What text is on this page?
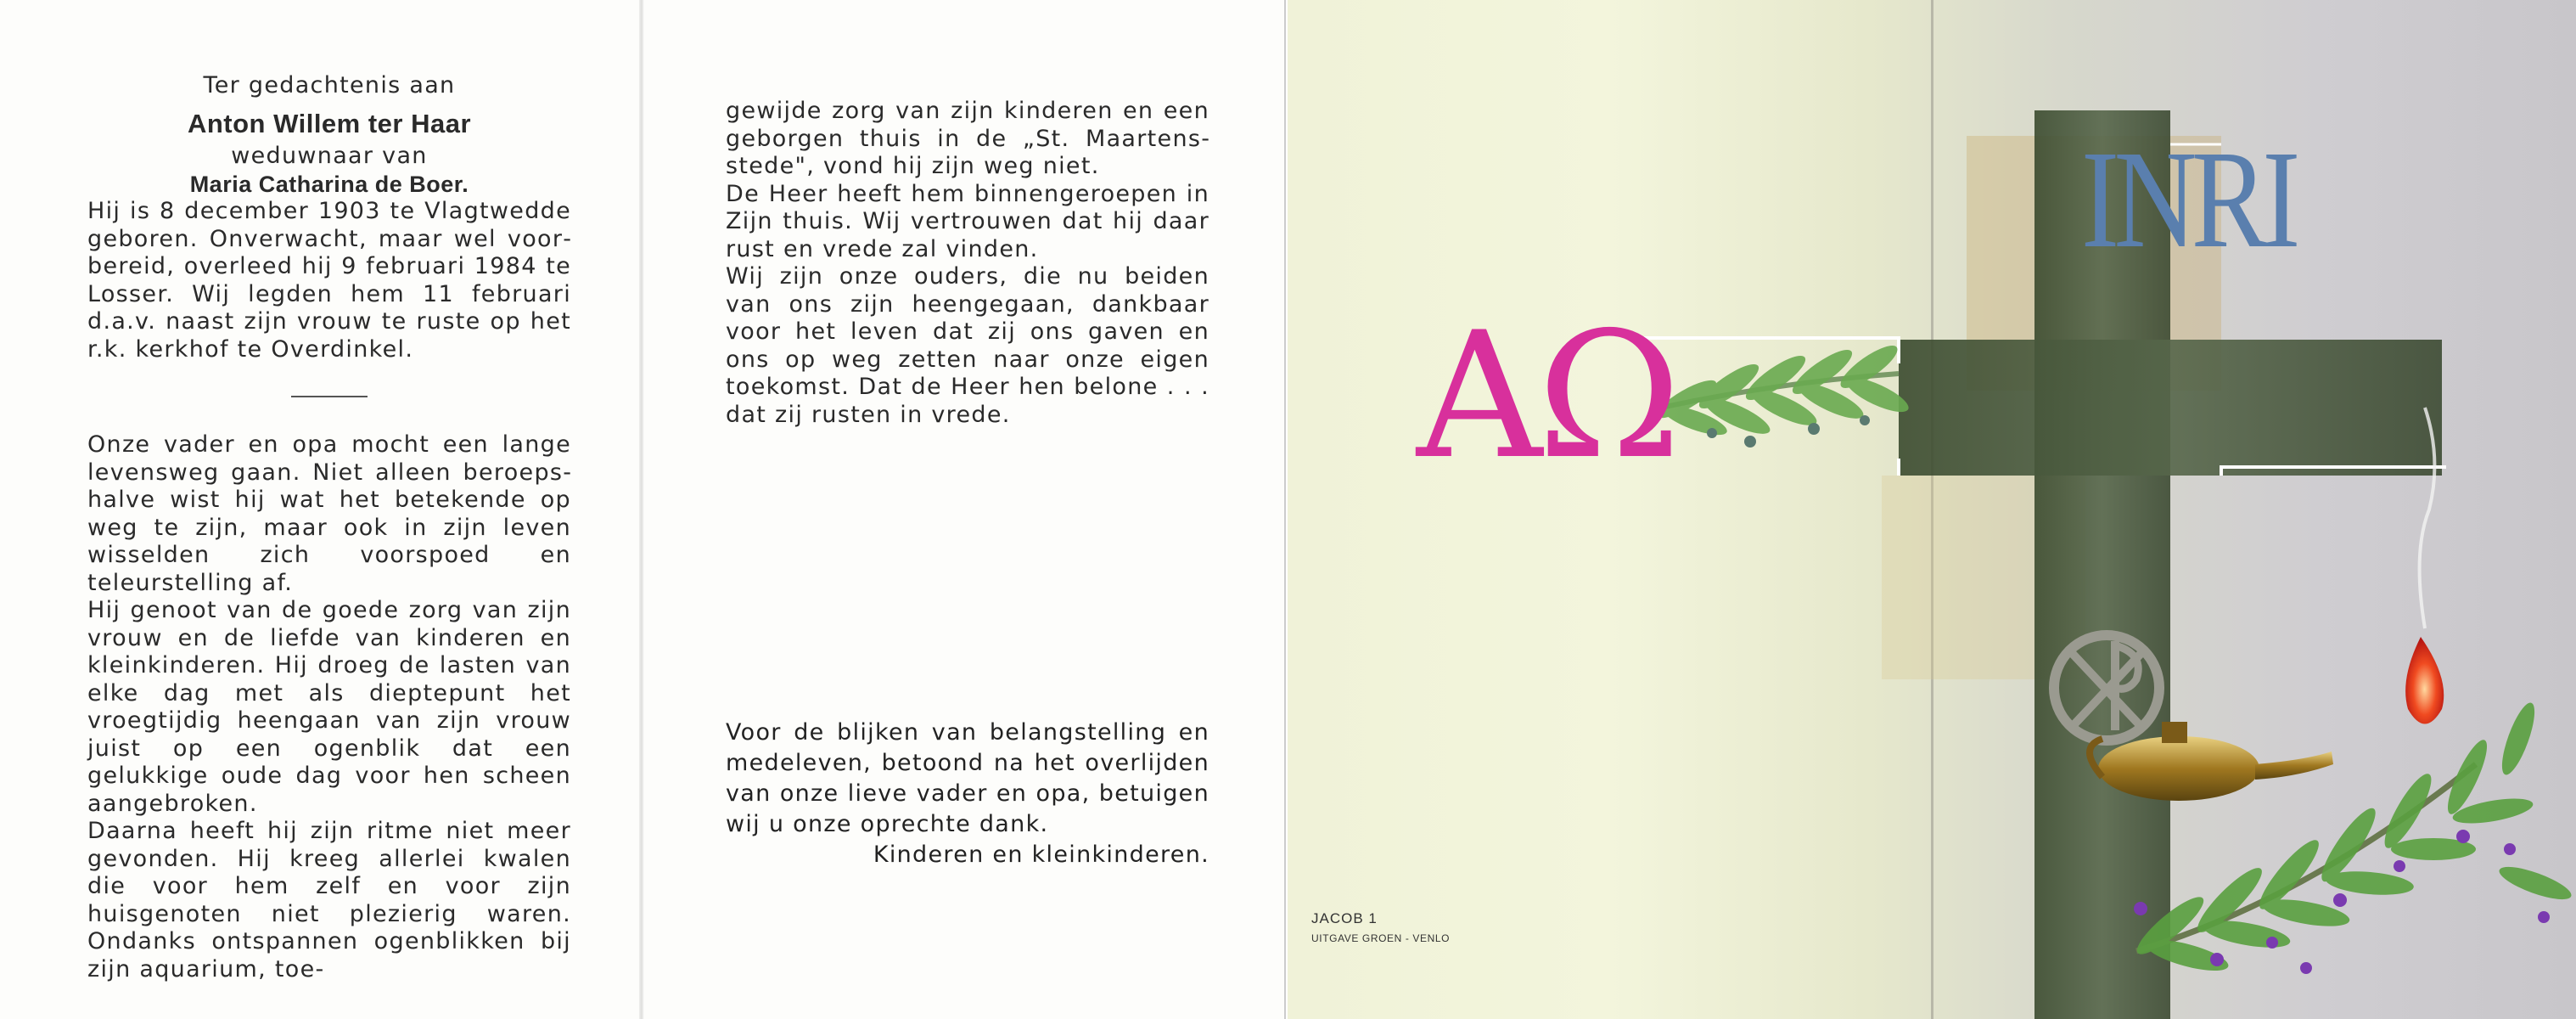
Ter gedachtenis aan

Anton Willem ter Haar

weduwnaar van

Maria Catharina de Boer.

Hij is 8 december 1903 te Vlagtwedde geboren. Onverwacht, maar wel voorbereid, overleed hij 9 februari 1984 te Losser. Wij legden hem 11 februari d.a.v. naast zijn vrouw te ruste op het r.k. kerkhof te Overdinkel.

Onze vader en opa mocht een lange levensweg gaan. Niet alleen beroepshalve wist hij wat het betekende op weg te zijn, maar ook in zijn leven wisselden zich voorspoed en teleurstelling af.

Hij genoot van de goede zorg van zijn vrouw en de liefde van kinderen en kleinkinderen. Hij droeg de lasten van elke dag met als dieptepunt het vroegtijdig heengaan van zijn vrouw juist op een ogenblik dat een gelukkige oude dag voor hen scheen aangebroken.

Daarna heeft hij zijn ritme niet meer gevonden. Hij kreeg allerlei kwalen die voor hem zelf en voor zijn huisgenoten niet plezierig waren. Ondanks ontspannen ogenblikken bij zijn aquarium, toe-

gewijde zorg van zijn kinderen en een geborgen thuis in de „St. Maartensstede", vond hij zijn weg niet.

De Heer heeft hem binnengeroepen in Zijn thuis. Wij vertrouwen dat hij daar rust en vrede zal vinden.

Wij zijn onze ouders, die nu beiden van ons zijn heengegaan, dankbaar voor het leven dat zij ons gaven en ons op weg zetten naar onze eigen toekomst. Dat de Heer hen belone . . . dat zij rusten in vrede.

Voor de blijken van belangstelling en medeleven, betoond na het overlijden van onze lieve vader en opa, betuigen wij u onze oprechte dank.

Kinderen en kleinkinderen.

INRI
AΩ
JACOB 1
UITGAVE GROEN - VENLO
